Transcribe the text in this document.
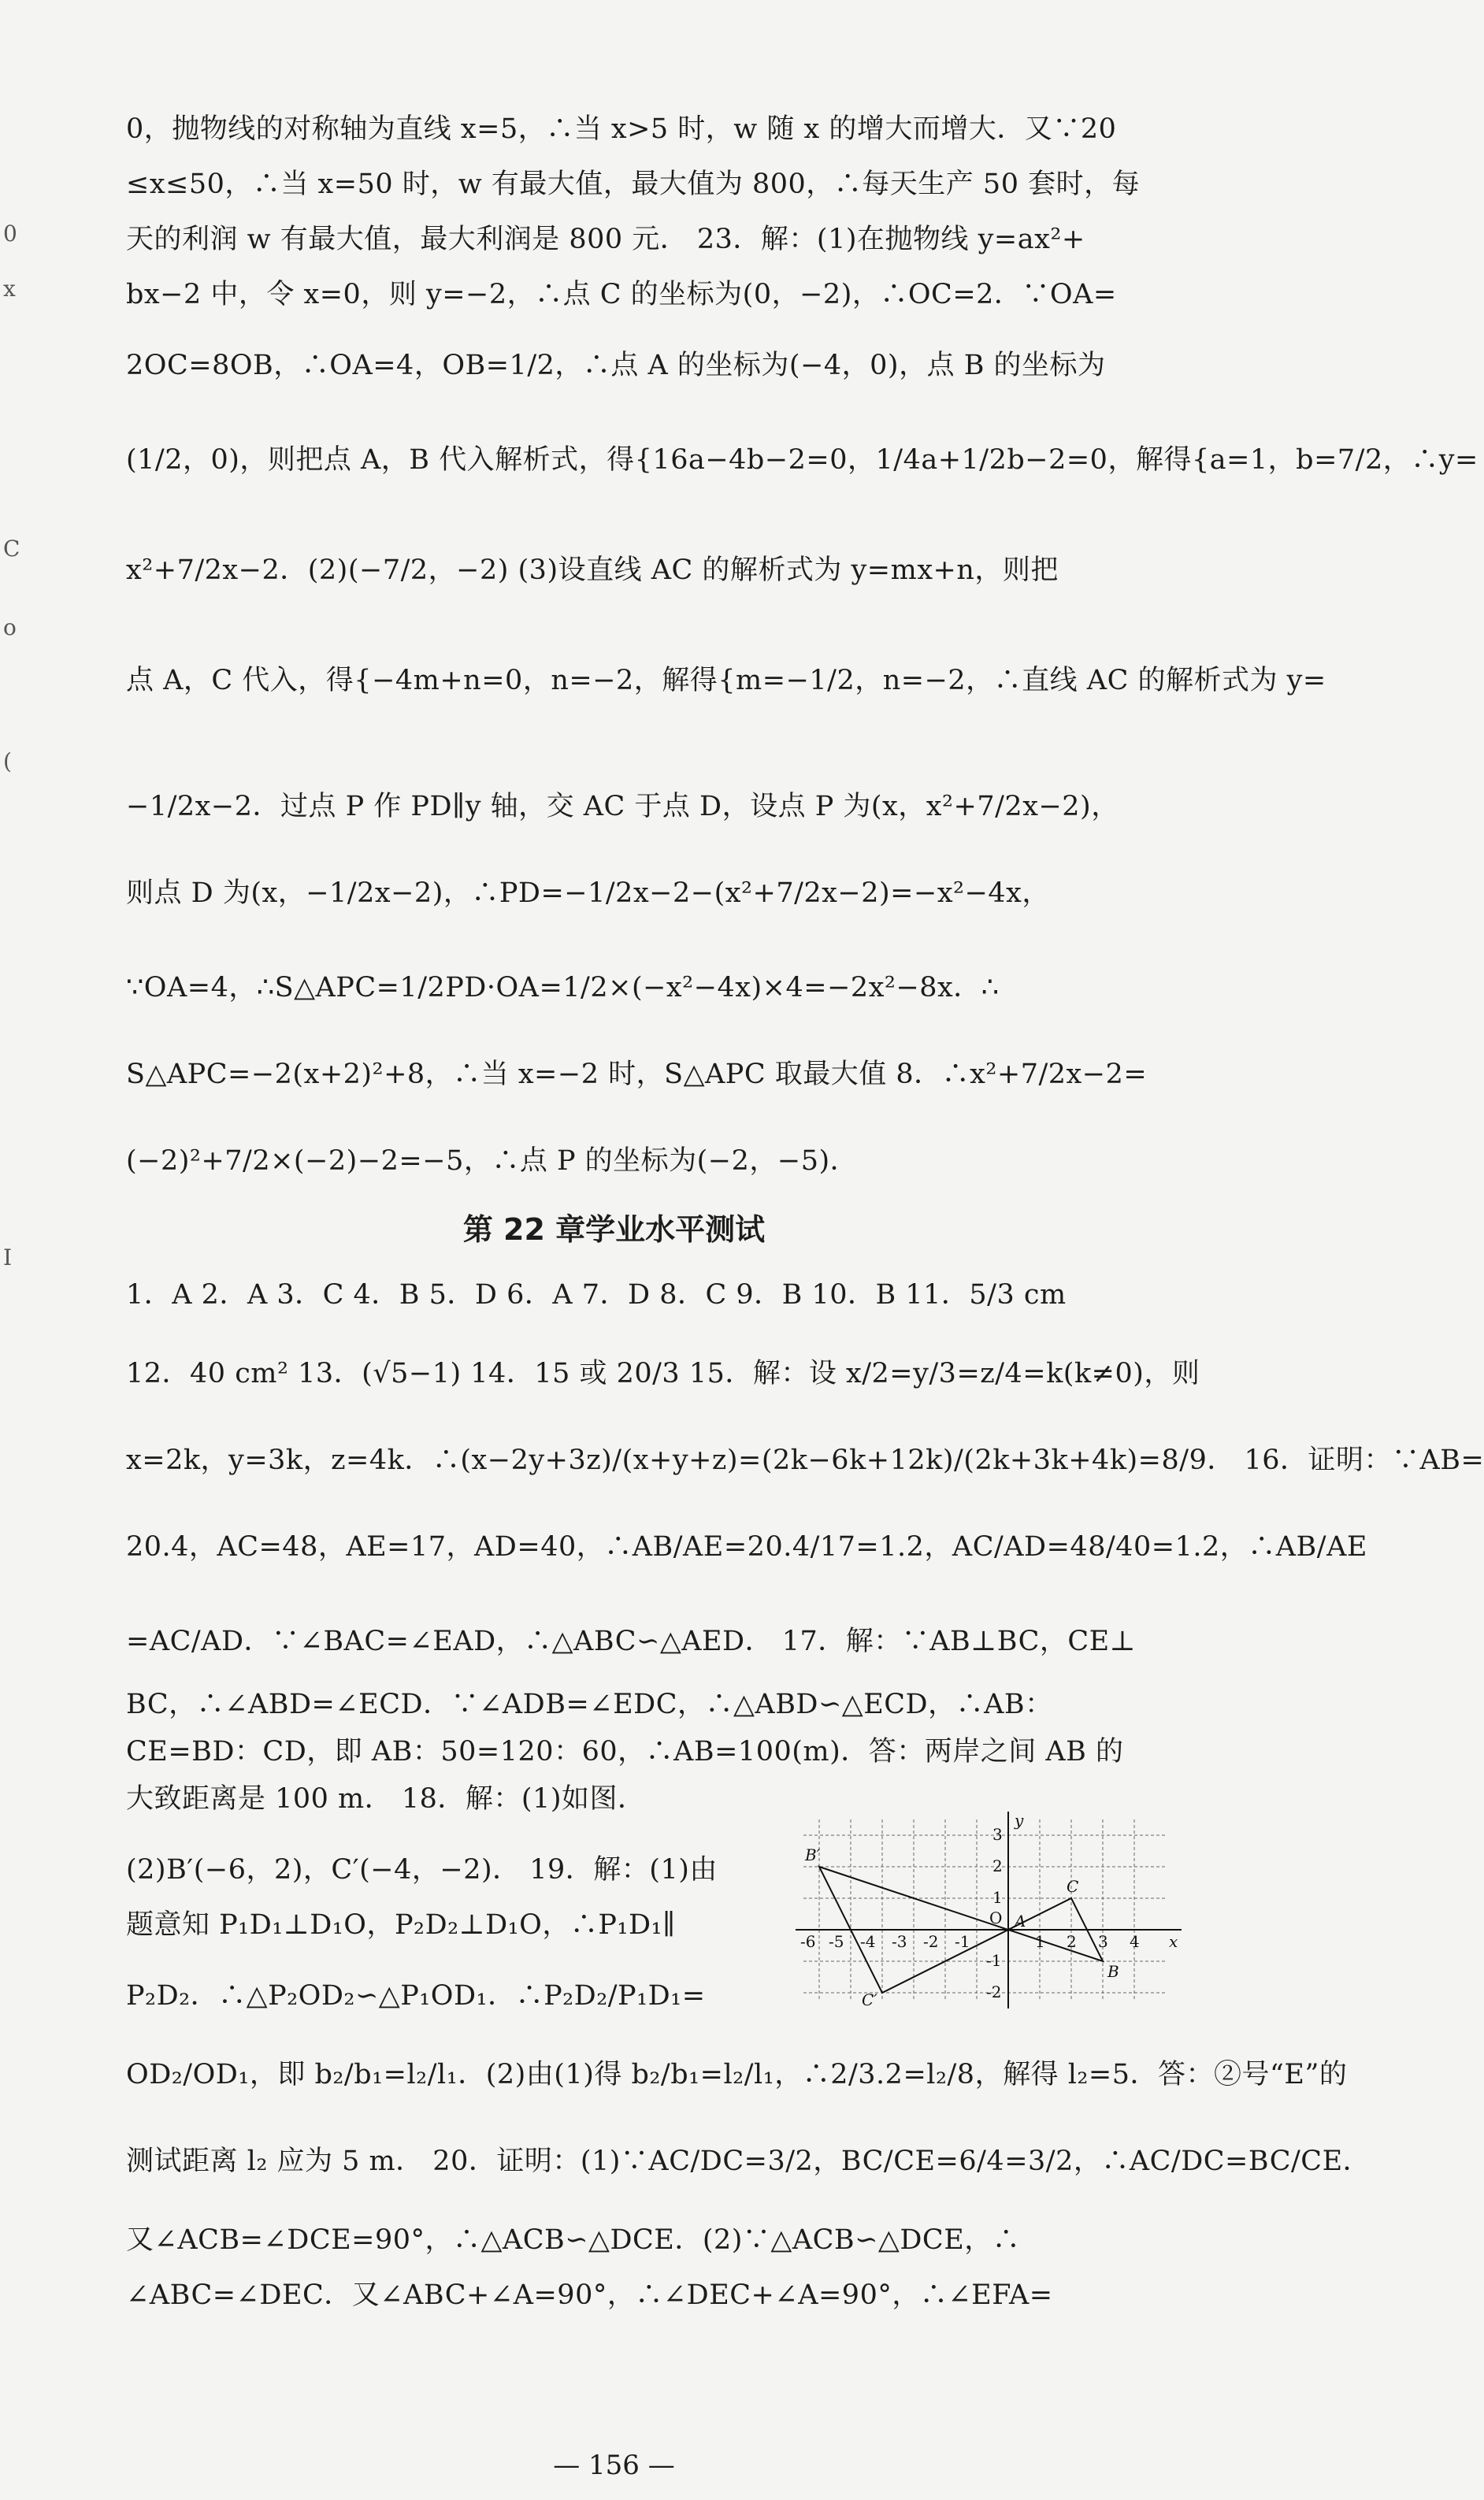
0
x
C
o
(
I
0，抛物线的对称轴为直线 x=5，∴当 x>5 时，w 随 x 的增大而增大．又∵20
≤x≤50，∴当 x=50 时，w 有最大值，最大值为 800，∴每天生产 50 套时，每
天的利润 w 有最大值，最大利润是 800 元． 23．解：(1)在抛物线 y=ax²+
bx−2 中，令 x=0，则 y=−2，∴点 C 的坐标为(0，−2)，∴OC=2．∵OA=
2OC=8OB，∴OA=4，OB=1/2，∴点 A 的坐标为(−4，0)，点 B 的坐标为
(1/2，0)，则把点 A，B 代入解析式，得{16a−4b−2=0，1/4a+1/2b−2=0，解得{a=1，b=7/2，∴y=
x²+7/2x−2．(2)(−7/2，−2) (3)设直线 AC 的解析式为 y=mx+n，则把
点 A，C 代入，得{−4m+n=0，n=−2，解得{m=−1/2，n=−2，∴直线 AC 的解析式为 y=
−1/2x−2．过点 P 作 PD∥y 轴，交 AC 于点 D，设点 P 为(x，x²+7/2x−2)，
则点 D 为(x，−1/2x−2)，∴PD=−1/2x−2−(x²+7/2x−2)=−x²−4x，
∵OA=4，∴S△APC=1/2PD·OA=1/2×(−x²−4x)×4=−2x²−8x．∴
S△APC=−2(x+2)²+8，∴当 x=−2 时，S△APC 取最大值 8．∴x²+7/2x−2=
(−2)²+7/2×(−2)−2=−5，∴点 P 的坐标为(−2，−5)．
第 22 章学业水平测试
1．A 2．A 3．C 4．B 5．D 6．A 7．D 8．C 9．B 10．B 11．5/3 cm
12．40 cm² 13．(√5−1) 14．15 或 20/3 15．解：设 x/2=y/3=z/4=k(k≠0)，则
x=2k，y=3k，z=4k．∴(x−2y+3z)/(x+y+z)=(2k−6k+12k)/(2k+3k+4k)=8/9． 16．证明：∵AB=
20.4，AC=48，AE=17，AD=40，∴AB/AE=20.4/17=1.2，AC/AD=48/40=1.2，∴AB/AE
=AC/AD．∵∠BAC=∠EAD，∴△ABC∽△AED． 17．解：∵AB⊥BC，CE⊥
BC，∴∠ABD=∠ECD．∵∠ADB=∠EDC，∴△ABD∽△ECD，∴AB：
CE=BD：CD，即 AB：50=120：60，∴AB=100(m)．答：两岸之间 AB 的
大致距离是 100 m． 18．解：(1)如图．
(2)B′(−6，2)，C′(−4，−2)． 19．解：(1)由
题意知 P₁D₁⊥D₁O，P₂D₂⊥D₁O，∴P₁D₁∥
P₂D₂．∴△P₂OD₂∽△P₁OD₁．∴P₂D₂/P₁D₁=
OD₂/OD₁，即 b₂/b₁=l₂/l₁．(2)由(1)得 b₂/b₁=l₂/l₁，∴2/3.2=l₂/8，解得 l₂=5．答：②号“E”的
测试距离 l₂ 应为 5 m． 20．证明：(1)∵AC/DC=3/2，BC/CE=6/4=3/2，∴AC/DC=BC/CE．
又∠ACB=∠DCE=90°，∴△ACB∽△DCE．(2)∵△ACB∽△DCE，∴
∠ABC=∠DEC．又∠ABC+∠A=90°，∴∠DEC+∠A=90°，∴∠EFA=
-6 -5 -4 -3 -2 -1
O
1 2 3 4 x
3
2
1
-1
-2
y
B′
C
A
B
C′
— 156 —
